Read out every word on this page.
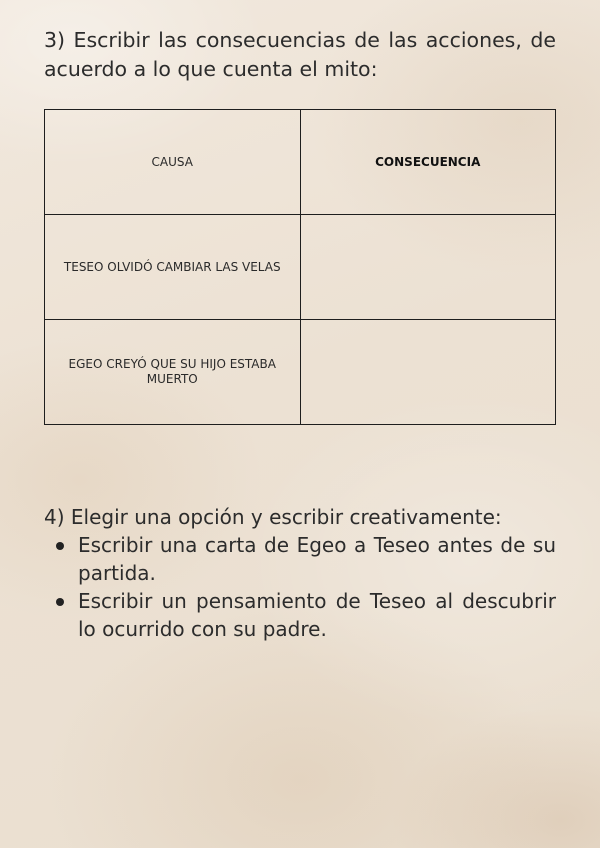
3) Escribir las consecuencias de las acciones, de acuerdo a lo que cuenta el mito:

CAUSA	CONSECUENCIA
TESEO OLVIDÓ CAMBIAR LAS VELAS	
EGEO CREYÓ QUE SU HIJO ESTABA MUERTO	

4) Elegir una opción y escribir creativamente:

Escribir una carta de Egeo a Teseo antes de su partida.
Escribir un pensamiento de Teseo al descubrir lo ocurrido con su padre.
